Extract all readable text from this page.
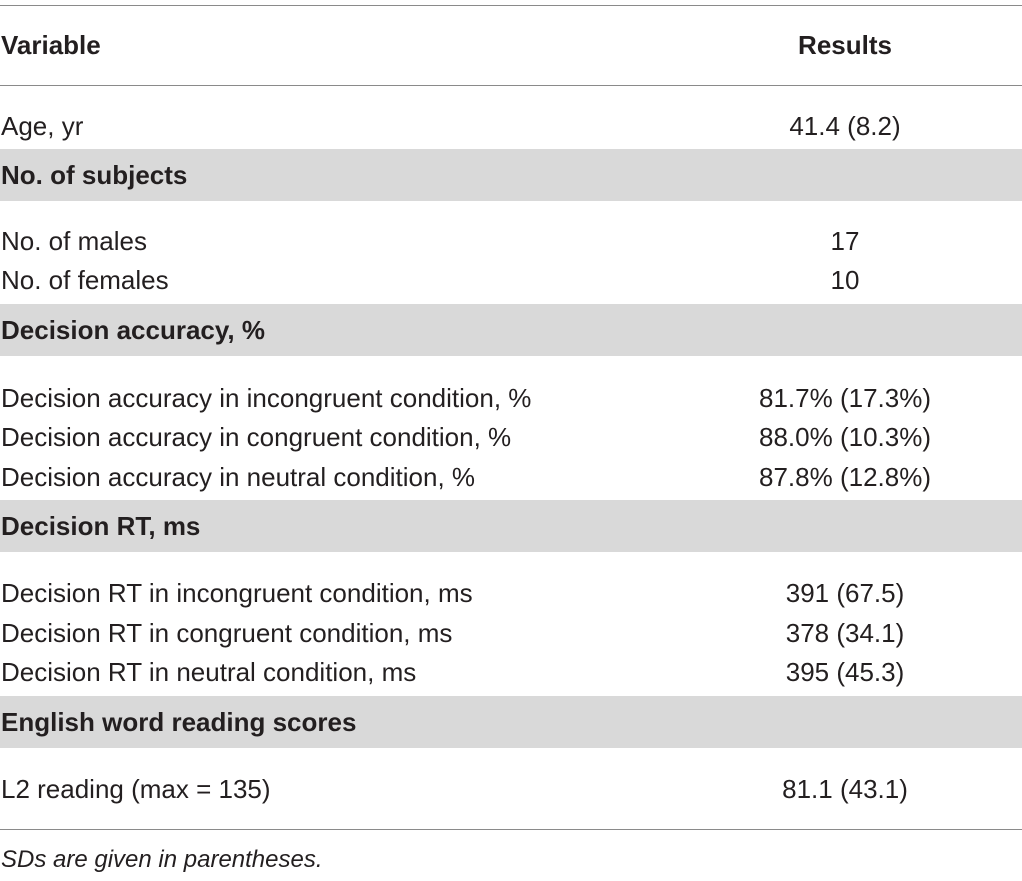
Variable	Results
Age, yr	41.4 (8.2)
No. of subjects
No. of males	17
No. of females	10
Decision accuracy, %
Decision accuracy in incongruent condition, %	81.7% (17.3%)
Decision accuracy in congruent condition, %	88.0% (10.3%)
Decision accuracy in neutral condition, %	87.8% (12.8%)
Decision RT, ms
Decision RT in incongruent condition, ms	391 (67.5)
Decision RT in congruent condition, ms	378 (34.1)
Decision RT in neutral condition, ms	395 (45.3)
English word reading scores
L2 reading (max = 135)	81.1 (43.1)
SDs are given in parentheses.
